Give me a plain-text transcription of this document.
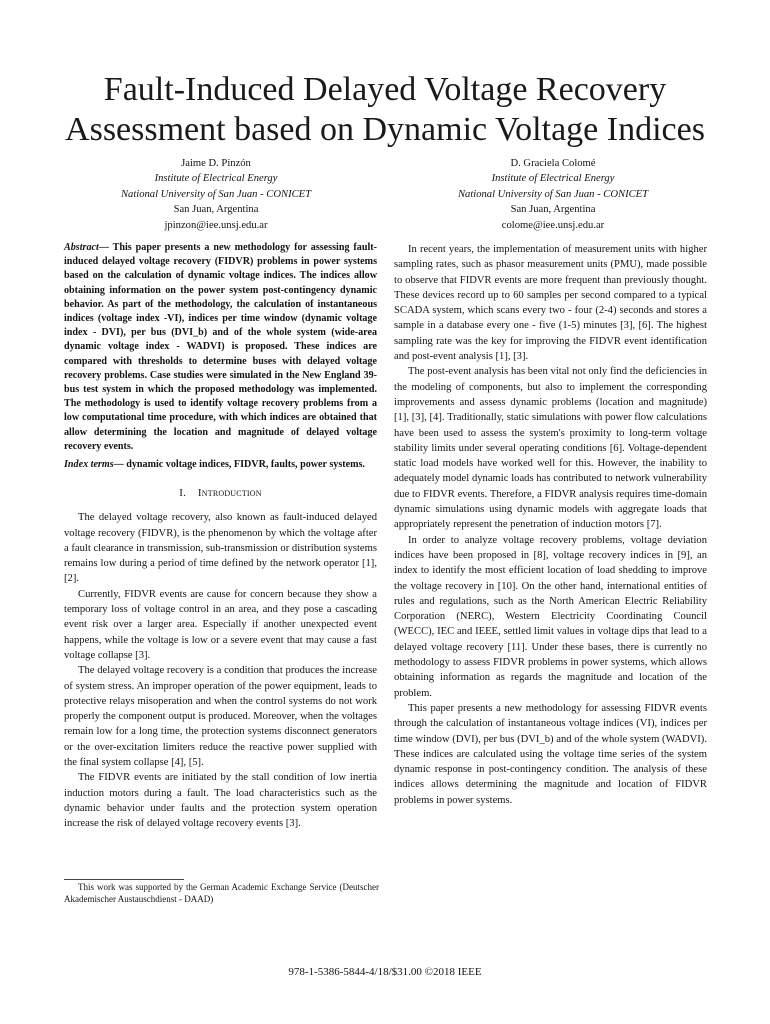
Fault-Induced Delayed Voltage Recovery
Assessment based on Dynamic Voltage Indices
Jaime D. Pinzón
Institute of Electrical Energy
National University of San Juan - CONICET
San Juan, Argentina
jpinzon@iee.unsj.edu.ar
D. Graciela Colomé
Institute of Electrical Energy
National University of San Juan - CONICET
San Juan, Argentina
colome@iee.unsj.edu.ar

Abstract— This paper presents a new methodology for assessing fault-induced delayed voltage recovery (FIDVR) problems in power systems based on the calculation of dynamic voltage indices. The indices allow obtaining information on the power system post-contingency dynamic behavior. As part of the methodology, the calculation of instantaneous indices (voltage index -VI), indices per time window (dynamic voltage index - DVI), per bus (DVI_b) and of the whole system (wide-area dynamic voltage index - WADVI) is proposed. These indices are compared with thresholds to determine buses with delayed voltage recovery problems. Case studies were simulated in the New England 39-bus test system in which the proposed methodology was implemented. The methodology is used to identify voltage recovery problems from a low computational time procedure, with which indices are obtained that allow determining the location and magnitude of delayed voltage recovery events.

Index terms— dynamic voltage indices, FIDVR, faults, power systems.

I. Introduction

The delayed voltage recovery, also known as fault-induced delayed voltage recovery (FIDVR), is the phenomenon by which the voltage after a fault clearance in transmission, sub-transmission or distribution systems remains low during a period of time defined by the network operator [1], [2].

Currently, FIDVR events are cause for concern because they show a temporary loss of voltage control in an area, and they pose a cascading event risk over a larger area. Especially if another unexpected event happens, while the voltage is low or a severe event that may cause a fast voltage collapse [3].

The delayed voltage recovery is a condition that produces the increase of system stress. An improper operation of the power equipment, leads to protective relays misoperation and when the control systems do not work properly the component output is produced. Moreover, when the voltages remain low for a long time, the protection systems disconnect generators or the over-excitation limiters reduce the reactive power supplied with the final system collapse [4], [5].

The FIDVR events are initiated by the stall condition of low inertia induction motors during a fault. The load characteristics such as the dynamic behavior under faults and the protection system operation increase the risk of delayed voltage recovery events [3].

In recent years, the implementation of measurement units with higher sampling rates, such as phasor measurement units (PMU), made possible to observe that FIDVR events are more frequent than previously thought. These devices record up to 60 samples per second compared to a typical SCADA system, which scans every two - four (2-4) seconds and stores a sample in a database every one - five (1-5) minutes [3], [6]. The highest sampling rate was the key for improving the FIDVR event identification and post-event analysis [1], [3].

The post-event analysis has been vital not only find the deficiencies in the modeling of components, but also to implement the corresponding improvements and assess dynamic problems (location and magnitude) [1], [3], [4]. Traditionally, static simulations with power flow calculations have been used to assess the system's proximity to long-term voltage stability limits under several operating conditions [6]. Voltage-dependent static load models have worked well for this. However, the inability to adequately model dynamic loads has contributed to network vulnerability due to FIDVR events. Therefore, a FIDVR analysis requires time-domain dynamic simulations using dynamic models with aggregate loads that appropriately represent the penetration of induction motors [7].

In order to analyze voltage recovery problems, voltage deviation indices have been proposed in [8], voltage recovery indices in [9], an index to identify the most efficient location of load shedding to improve the voltage recovery in [10]. On the other hand, international entities of rules and regulations, such as the North American Electric Reliability Corporation (NERC), Western Electricity Coordinating Council (WECC), IEC and IEEE, settled limit values in voltage dips that lead to a delayed voltage recovery [11]. Under these bases, there is currently no methodology to assess FIDVR problems in power systems, which allows obtaining information as regards the magnitude and location of the problem.

This paper presents a new methodology for assessing FIDVR events through the calculation of instantaneous voltage indices (VI), indices per time window (DVI), per bus (DVI_b) and of the whole system (WADVI). These indices are calculated using the voltage time series of the system dynamic response in post-contingency condition. The analysis of these indices allows determining the magnitude and location of FIDVR problems in power systems.

This work was supported by the German Academic Exchange Service (Deutscher Akademischer Austauschdienst - DAAD)
978-1-5386-5844-4/18/$31.00 ©2018 IEEE
